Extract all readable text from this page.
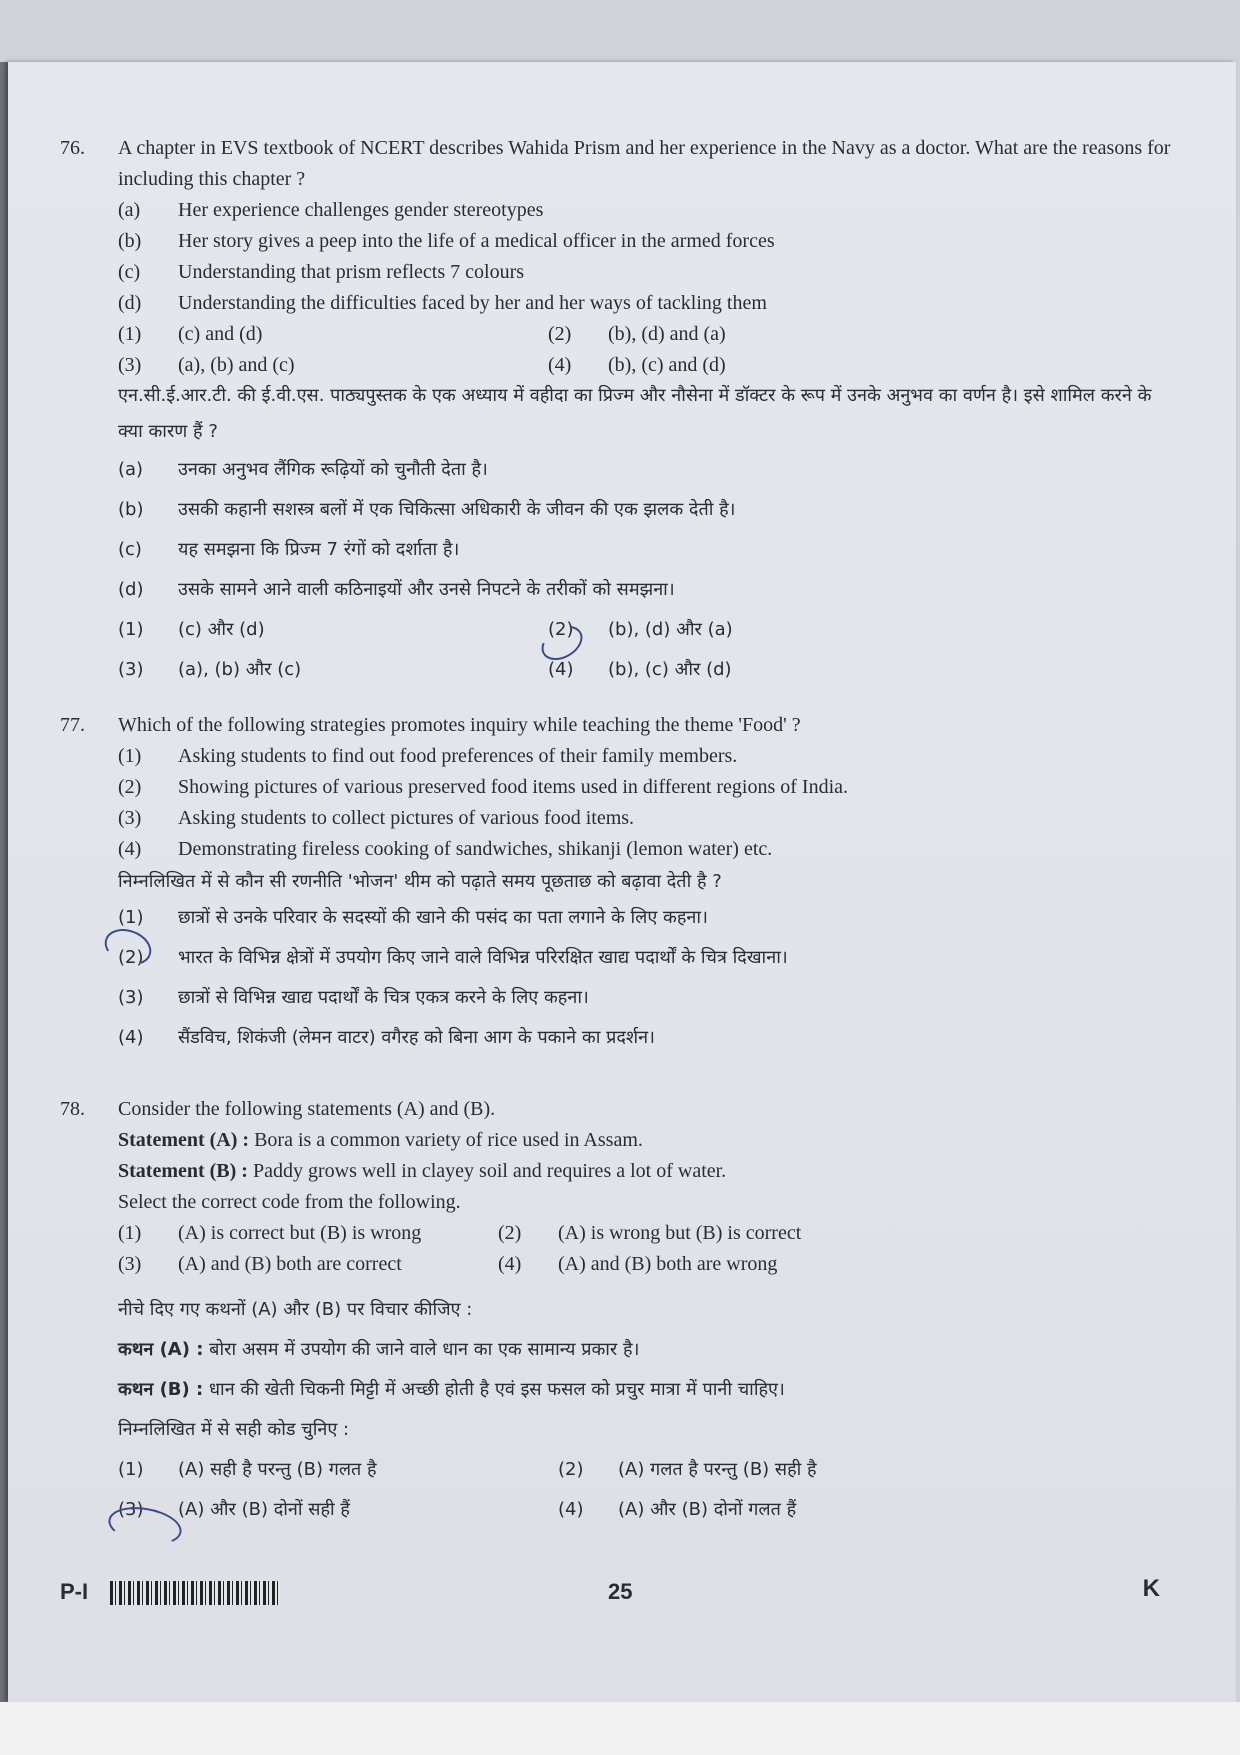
76.	A chapter in EVS textbook of NCERT describes Wahida Prism and her experience in the Navy as a doctor. What are the reasons for including this chapter ?
(a)	Her experience challenges gender stereotypes
(b)	Her story gives a peep into the life of a medical officer in the armed forces
(c)	Understanding that prism reflects 7 colours
(d)	Understanding the difficulties faced by her and her ways of tackling them
(1)	(c) and (d)	(2)	(b), (d) and (a)
(3)	(a), (b) and (c)	(4)	(b), (c) and (d)
एन.सी.ई.आर.टी. की ई.वी.एस. पाठ्यपुस्तक के एक अध्याय में वहीदा का प्रिज्म और नौसेना में डॉक्टर के रूप में उनके अनुभव का वर्णन है। इसे शामिल करने के क्या कारण हैं ?
(a)	उनका अनुभव लैंगिक रूढ़ियों को चुनौती देता है।
(b)	उसकी कहानी सशस्त्र बलों में एक चिकित्सा अधिकारी के जीवन की एक झलक देती है।
(c)	यह समझना कि प्रिज्म 7 रंगों को दर्शाता है।
(d)	उसके सामने आने वाली कठिनाइयों और उनसे निपटने के तरीकों को समझना।
(1)	(c) और (d)	(2)	(b), (d) और (a)
(3)	(a), (b) और (c)	(4)	(b), (c) और (d)
77.	Which of the following strategies promotes inquiry while teaching the theme 'Food' ?
(1)	Asking students to find out food preferences of their family members.
(2)	Showing pictures of various preserved food items used in different regions of India.
(3)	Asking students to collect pictures of various food items.
(4)	Demonstrating fireless cooking of sandwiches, shikanji (lemon water) etc.
निम्नलिखित में से कौन सी रणनीति 'भोजन' थीम को पढ़ाते समय पूछताछ को बढ़ावा देती है ?
(1)	छात्रों से उनके परिवार के सदस्यों की खाने की पसंद का पता लगाने के लिए कहना।
(2)	भारत के विभिन्न क्षेत्रों में उपयोग किए जाने वाले विभिन्न परिरक्षित खाद्य पदार्थों के चित्र दिखाना।
(3)	छात्रों से विभिन्न खाद्य पदार्थों के चित्र एकत्र करने के लिए कहना।
(4)	सैंडविच, शिकंजी (लेमन वाटर) वगैरह को बिना आग के पकाने का प्रदर्शन।
78.	Consider the following statements (A) and (B).
Statement (A) : Bora is a common variety of rice used in Assam.
Statement (B) : Paddy grows well in clayey soil and requires a lot of water.
Select the correct code from the following.
(1)	(A) is correct but (B) is wrong	(2)	(A) is wrong but (B) is correct
(3)	(A) and (B) both are correct	(4)	(A) and (B) both are wrong
नीचे दिए गए कथनों (A) और (B) पर विचार कीजिए :
कथन (A) : बोरा असम में उपयोग की जाने वाले धान का एक सामान्य प्रकार है।
कथन (B) : धान की खेती चिकनी मिट्टी में अच्छी होती है एवं इस फसल को प्रचुर मात्रा में पानी चाहिए।
निम्नलिखित में से सही कोड चुनिए :
(1)	(A) सही है परन्तु (B) गलत है	(2)	(A) गलत है परन्तु (B) सही है
(3)	(A) और (B) दोनों सही हैं	(4)	(A) और (B) दोनों गलत हैं
P-I	25	K
